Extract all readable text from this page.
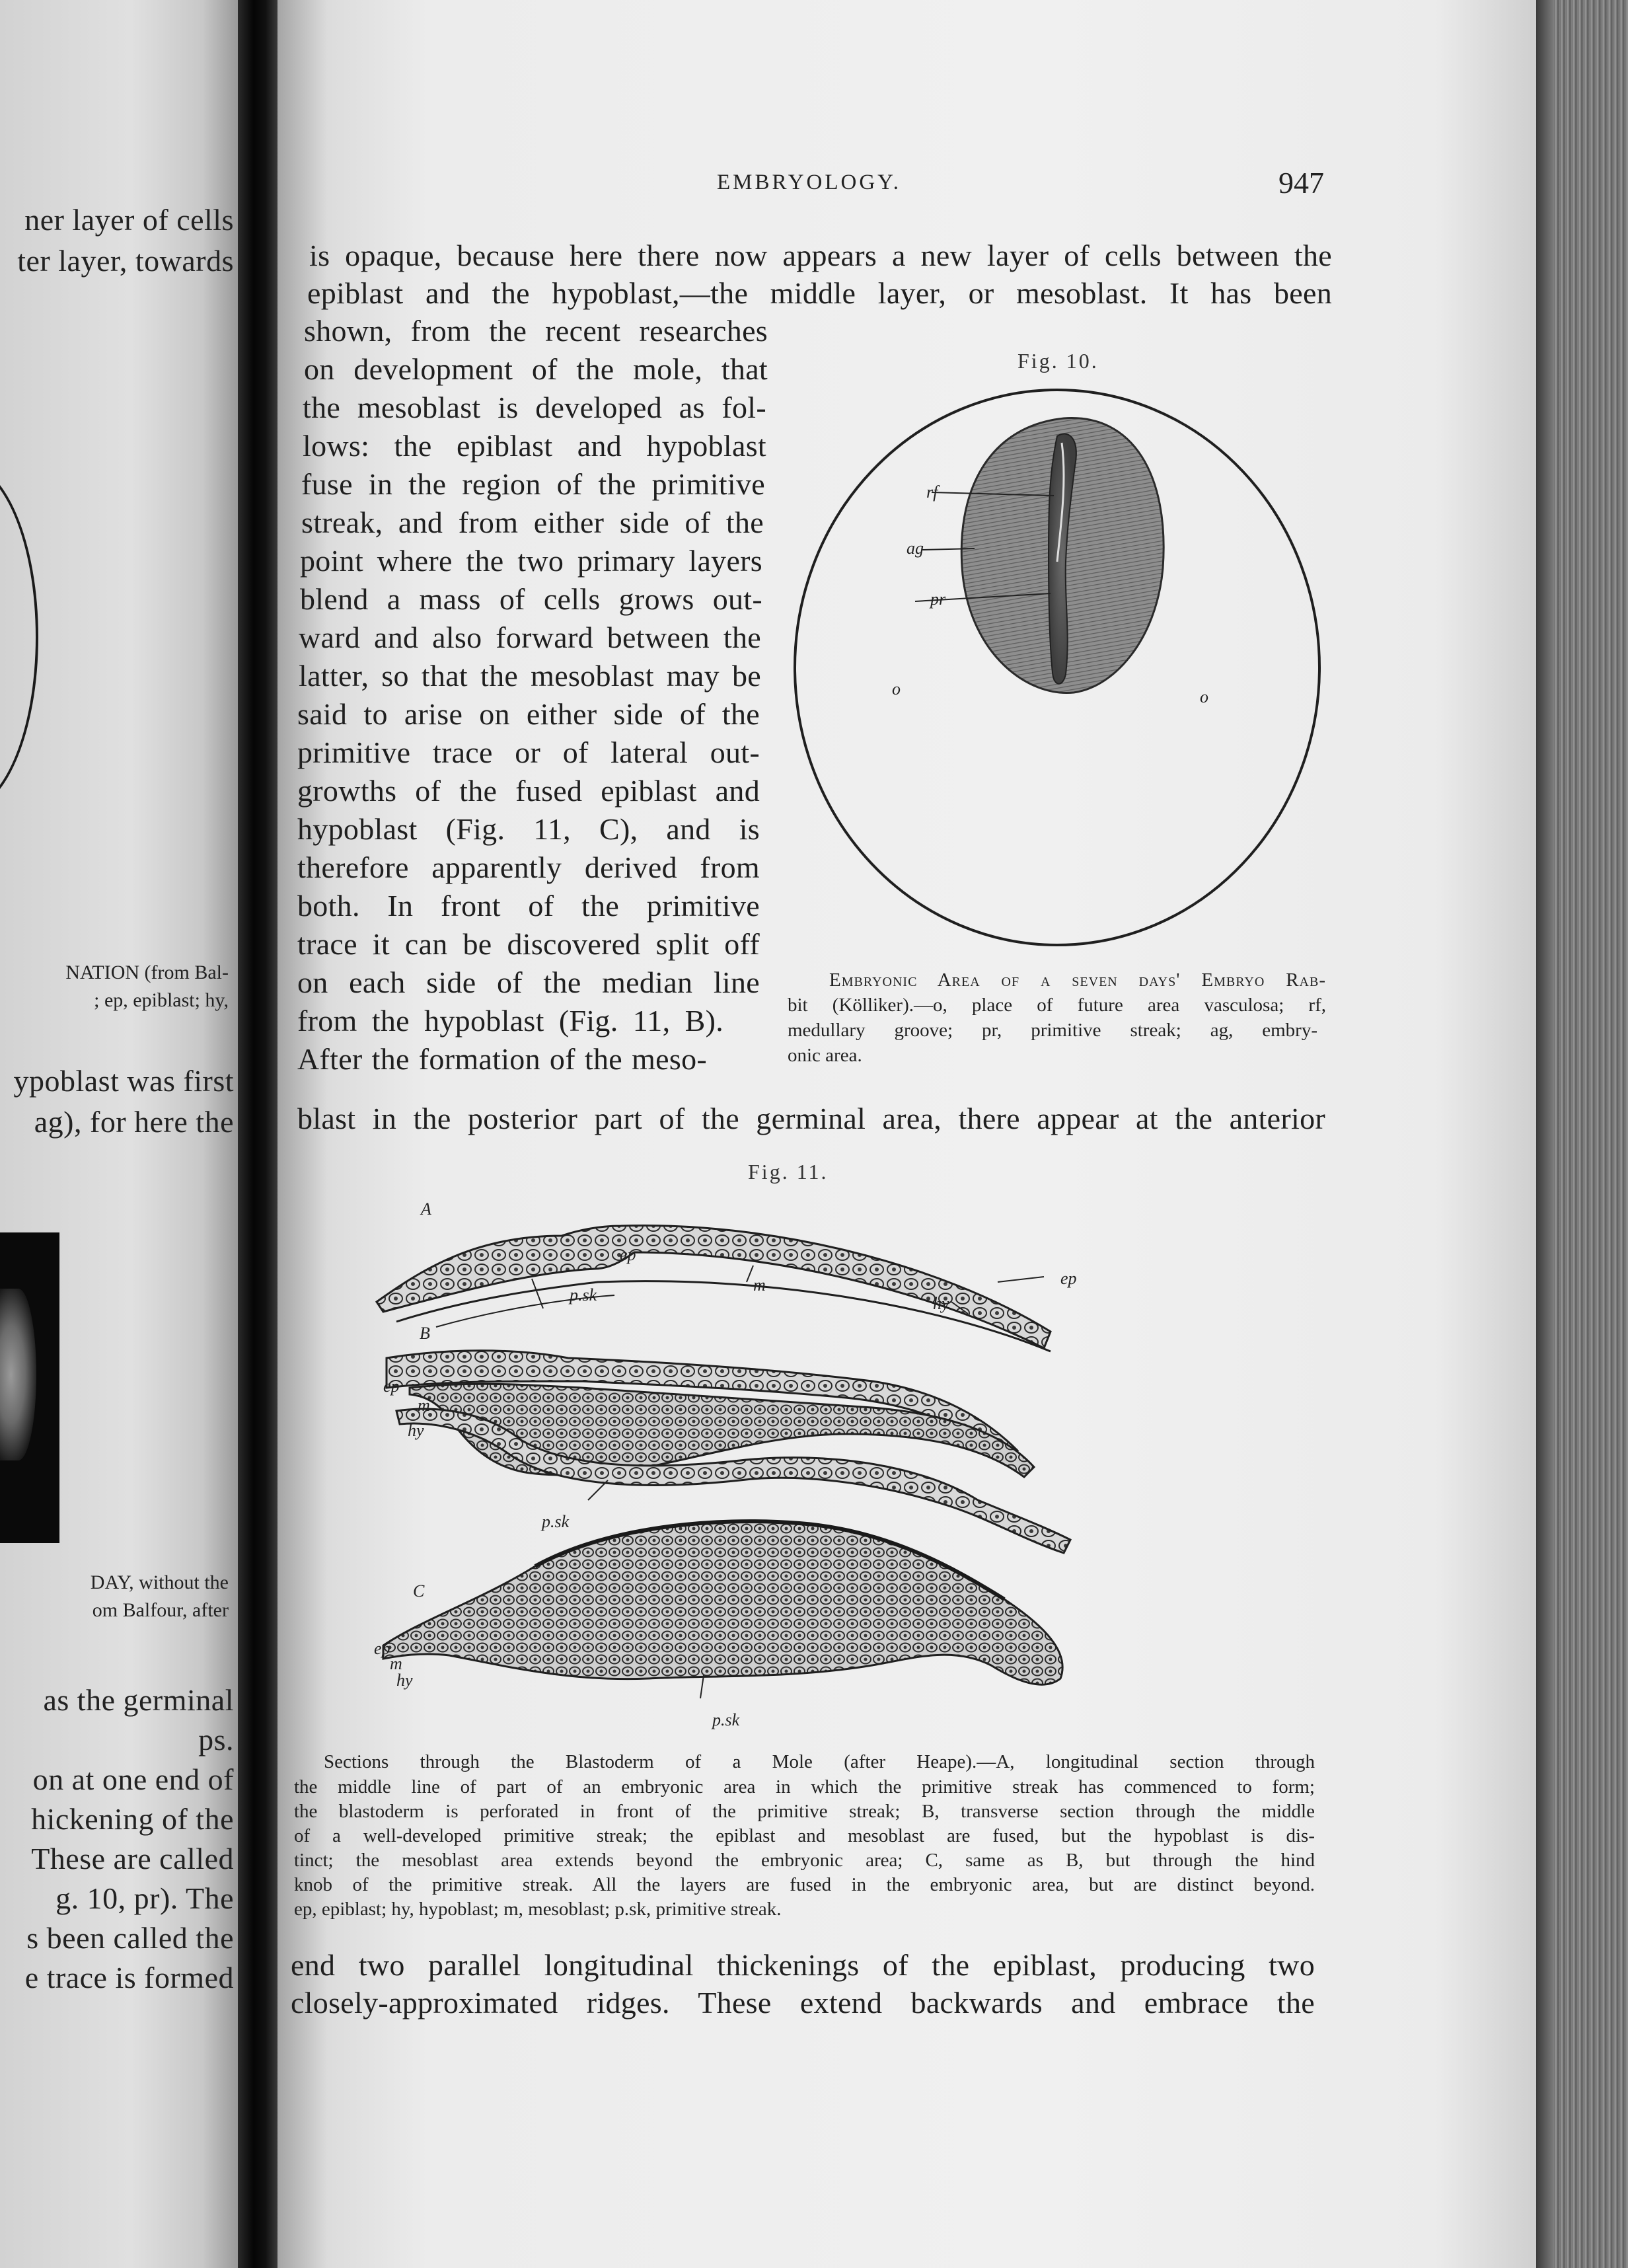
ner layer of cells
ter layer, towards
NATION (from Bal-
; ep, epiblast; hy,
ypoblast was first
ag), for here the
DAY, without the
om Balfour, after
as the germinal
ps.
on at one end of
hickening of the
These are called
g. 10, pr). The
s been called the
e trace is formed
EMBRYOLOGY.	947
is opaque, because here there now appears a new layer of cells between the
epiblast and the hypoblast,—the middle layer, or mesoblast. It has been
shown, from the recent researches
on development of the mole, that
the mesoblast is developed as fol-
lows: the epiblast and hypoblast
fuse in the region of the primitive
streak, and from either side of the
point where the two primary layers
blend a mass of cells grows out-
ward and also forward between the
latter, so that the mesoblast may be
said to arise on either side of the
primitive trace or of lateral out-
growths of the fused epiblast and
hypoblast (Fig. 11, C), and is
therefore apparently derived from
both. In front of the primitive
trace it can be discovered split off
on each side of the median line
from the hypoblast (Fig. 11, B).
After the formation of the meso-
Fig. 10.
rf
ag
pr
o	o
Embryonic Area of a seven days' Embryo Rab-
bit (Kölliker).—o, place of future area vasculosa; rf,
medullary groove; pr, primitive streak; ag, embry-
onic area.
blast in the posterior part of the germinal area, there appear at the anterior
Fig. 11.
A
ep
ep
p.sk
m
hy
B
ep
m
hy
p.sk
C
ep
m
hy
p.sk
Sections through the Blastoderm of a Mole (after Heape).—A, longitudinal section through
the middle line of part of an embryonic area in which the primitive streak has commenced to form;
the blastoderm is perforated in front of the primitive streak; B, transverse section through the middle
of a well-developed primitive streak; the epiblast and mesoblast are fused, but the hypoblast is dis-
tinct; the mesoblast area extends beyond the embryonic area; C, same as B, but through the hind
knob of the primitive streak. All the layers are fused in the embryonic area, but are distinct beyond.
ep, epiblast; hy, hypoblast; m, mesoblast; p.sk, primitive streak.
end two parallel longitudinal thickenings of the epiblast, producing two
closely-approximated ridges. These extend backwards and embrace the
